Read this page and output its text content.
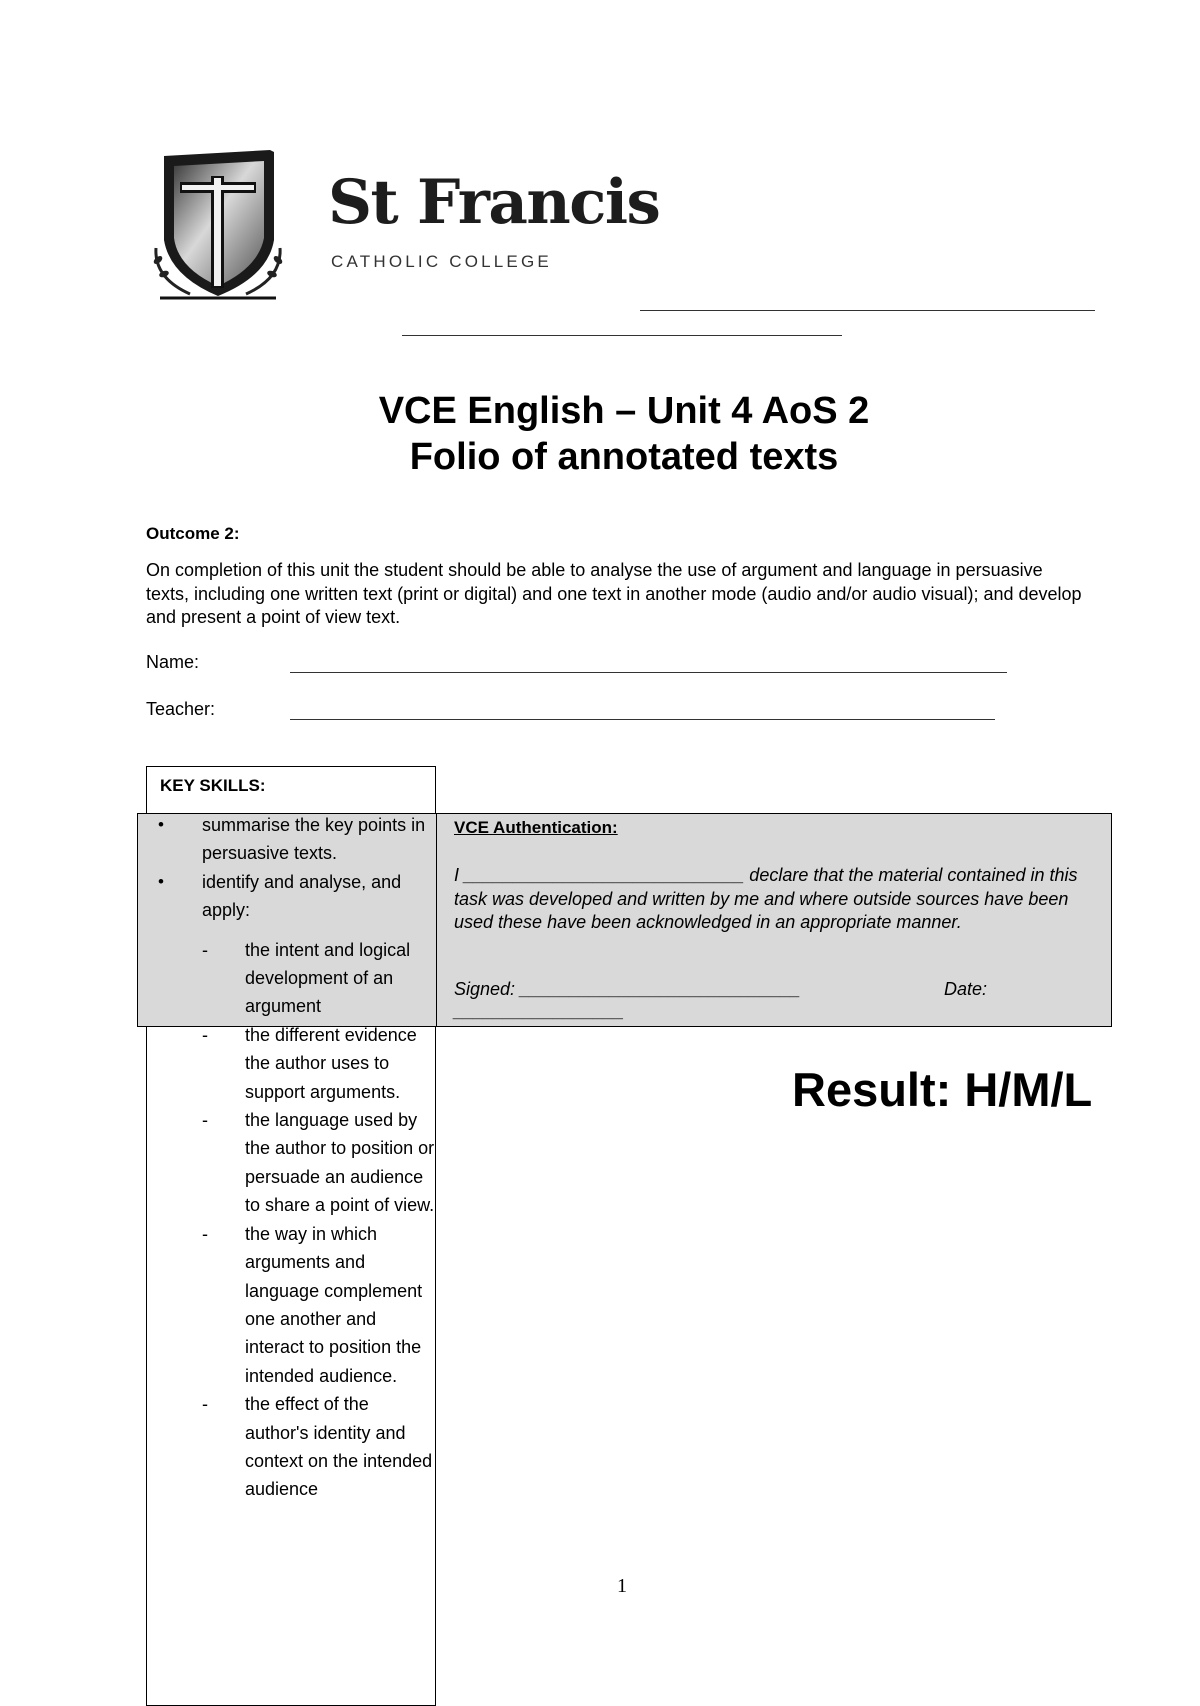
St Francis
CATHOLIC COLLEGE
VCE English – Unit 4 AoS 2
Folio of annotated texts
Outcome 2:
On completion of this unit the student should be able to analyse the use of argument and language in persuasive texts, including one written text (print or digital) and one text in another mode (audio and/or audio visual); and develop and present a point of view text.
Name:
Teacher:
KEY SKILLS:
• summarise the key points in persuasive texts.
• identify and analyse, and apply:
- the intent and logical development of an argument
- the different evidence the author uses to support arguments.
- the language used by the author to position or persuade an audience to share a point of view.
- the way in which arguments and language complement one another and interact to position the intended audience.
- the effect of the author's identity and context on the intended audience
VCE Authentication:
I ____________________________ declare that the material contained in this task was developed and written by me and where outside sources have been used these have been acknowledged in an appropriate manner.
Signed: ____________________________	Date:
_________________
Result: H/M/L
1
